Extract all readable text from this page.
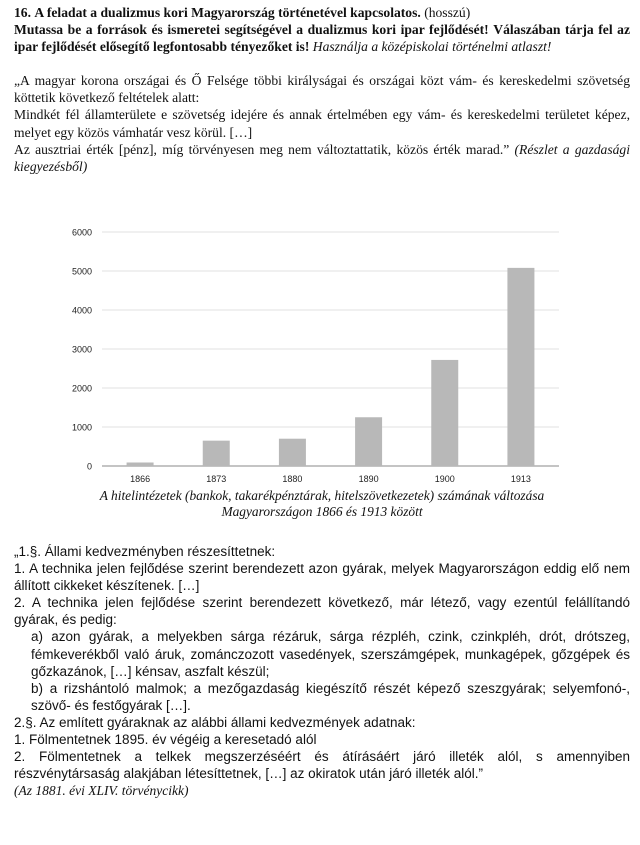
16. A feladat a dualizmus kori Magyarország történetével kapcsolatos. (hosszú)
Mutassa be a források és ismeretei segítségével a dualizmus kori ipar fejlődését! Válaszában tárja fel az ipar fejlődését elősegítő legfontosabb tényezőket is! Használja a középiskolai történelmi atlaszt!

„A magyar korona országai és Ő Felsége többi királyságai és országai közt vám- és kereskedelmi szövetség köttetik következő feltételek alatt:

Mindkét fél államterülete e szövetség idejére és annak értelmében egy vám- és kereskedelmi területet képez, melyet egy közös vámhatár vesz körül. […]

Az ausztriai érték [pénz], míg törvényesen meg nem változtattatik, közös érték marad.” (Részlet a gazdasági kiegyezésből)

0
1000
2000
3000
4000
5000
6000
1866	1873	1880	1890	1900	1913
A hitelintézetek (bankok, takarékpénztárak, hitelszövetkezetek) számának változása
Magyarországon 1866 és 1913 között

„1.§. Állami kedvezményben részesíttetnek:

1. A technika jelen fejlődése szerint berendezett azon gyárak, melyek Magyarországon eddig elő nem állított cikkeket készítenek. […]

2. A technika jelen fejlődése szerint berendezett következő, már létező, vagy ezentúl felállítandó gyárak, és pedig:

a) azon gyárak, a melyekben sárga rézáruk, sárga rézpléh, czink, czinkpléh, drót, drótszeg, fémkeverékből való áruk, zománczozott vasedények, szerszámgépek, munkagépek, gőzgépek és gőzkazánok, […] kénsav, aszfalt készül;

b) a rizshántoló malmok; a mezőgazdaság kiegészítő részét képező szeszgyárak; selyemfonó-, szövő- és festőgyárak […].

2.§. Az említett gyáraknak az alábbi állami kedvezmények adatnak:

1. Fölmentetnek 1895. év végéig a keresetadó alól

2. Fölmentetnek a telkek megszerzéséért és átírásáért járó illeték alól, s amennyiben részvénytársaság alakjában létesíttetnek, […] az okiratok után járó illeték alól.”

(Az 1881. évi XLIV. törvénycikk)
